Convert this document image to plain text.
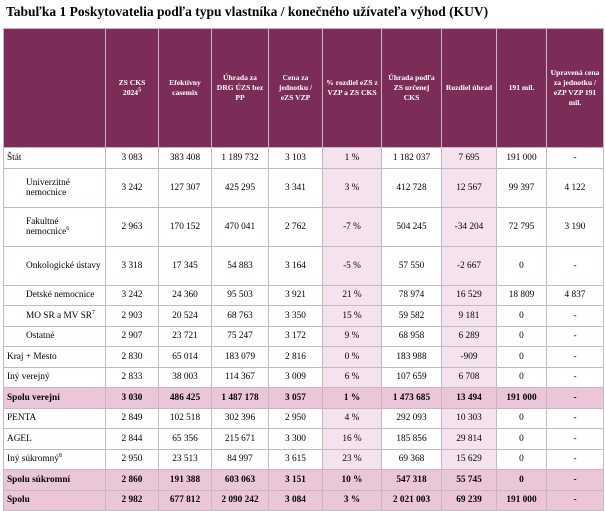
Tabuľka 1 Poskytovatelia podľa typu vlastníka / konečného užívateľa výhod (KUV)
	ZS CKS 2024$^5$	Efektívny casemix	Úhrada za DRG ÚZS bez PP	Cena za jednotku / eZS VZP	% rozdiel eZS z VZP a ZS CKS	Úhrada podľa ZS určenej CKS	Rozdiel úhrad	191 mil.	Upravená cena za jednotku / eZP VZP 191 mil.
Štát	3 083	383 408	1 189 732	3 103	1 %	1 182 037	7 695	191 000	-
Univerzitné nemocnice	3 242	127 307	425 295	3 341	3 %	412 728	12 567	99 397	4 122
Fakultné nemocnice$^6$	2 963	170 152	470 041	2 762	-7 %	504 245	-34 204	72 795	3 190
Onkologické ústavy	3 318	17 345	54 883	3 164	-5 %	57 550	-2 667	0	-
Detské nemocnice	3 242	24 360	95 503	3 921	21 %	78 974	16 529	18 809	4 837
MO SR a MV $SR^7$	2 903	20 524	68 763	3 350	15 %	59 582	9 181	0	-
Ostatné	2 907	23 721	75 247	3 172	9 %	68 958	6 289	0	-
Kraj + Mesto	2 830	65 014	183 079	2 816	0 %	183 988	-909	0	-
Iný verejný	2 833	38 003	114 367	3 009	6 %	107 659	6 708	0	-
Spolu verejní	3 030	486 425	1 487 178	3 057	1 %	1 473 685	13 494	191 000	-
PENTA	2 849	102 518	302 396	2 950	4 %	292 093	10 303	0	-
AGEL	2 844	65 356	215 671	3 300	16 %	185 856	29 814	0	-
Iný súkromný$^8$	2 950	23 513	84 997	3 615	23 %	69 368	15 629	0	-
Spolu súkromní	2 860	191 388	603 063	3 151	10 %	547 318	55 745	0	-
Spolu	2 982	677 812	2 090 242	3 084	3 %	2 021 003	69 239	191 000	-
